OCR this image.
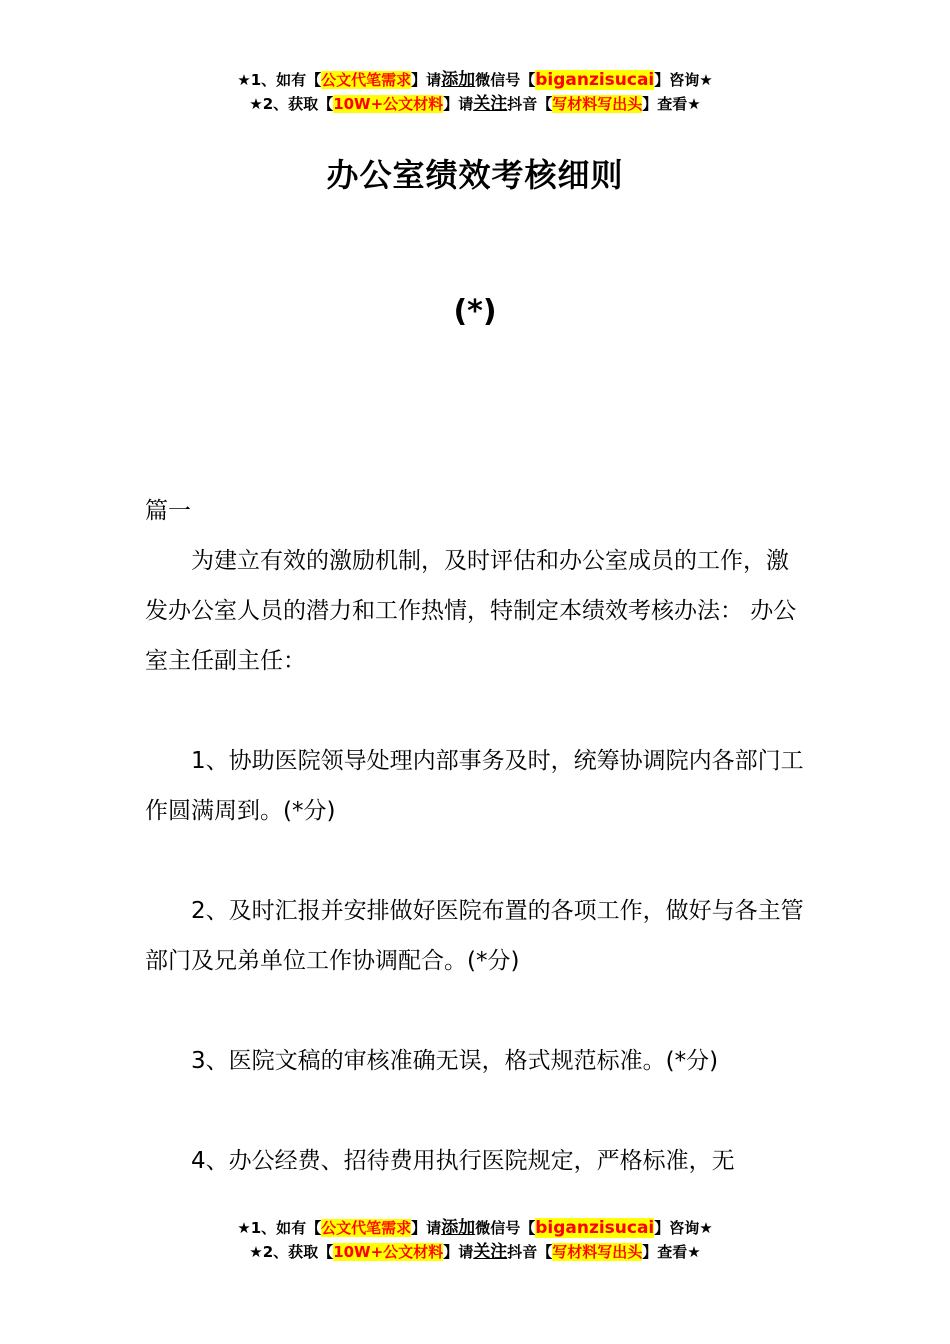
★1、如有【公文代笔需求】请添加微信号【biganzisucai】咨询★
★2、获取【10W+公文材料】请关注抖音【写材料写出头】查看★
办公室绩效考核细则
(*)

篇一

为建立有效的激励机制，及时评估和办公室成员的工作，激发办公室人员的潜力和工作热情，特制定本绩效考核办法： 办公室主任副主任：

1、协助医院领导处理内部事务及时，统筹协调院内各部门工作圆满周到。(*分)

2、及时汇报并安排做好医院布置的各项工作，做好与各主管部门及兄弟单位工作协调配合。(*分)

3、医院文稿的审核准确无误，格式规范标准。(*分)

4、办公经费、招待费用执行医院规定，严格标准，无

★1、如有【公文代笔需求】请添加微信号【biganzisucai】咨询★
★2、获取【10W+公文材料】请关注抖音【写材料写出头】查看★
